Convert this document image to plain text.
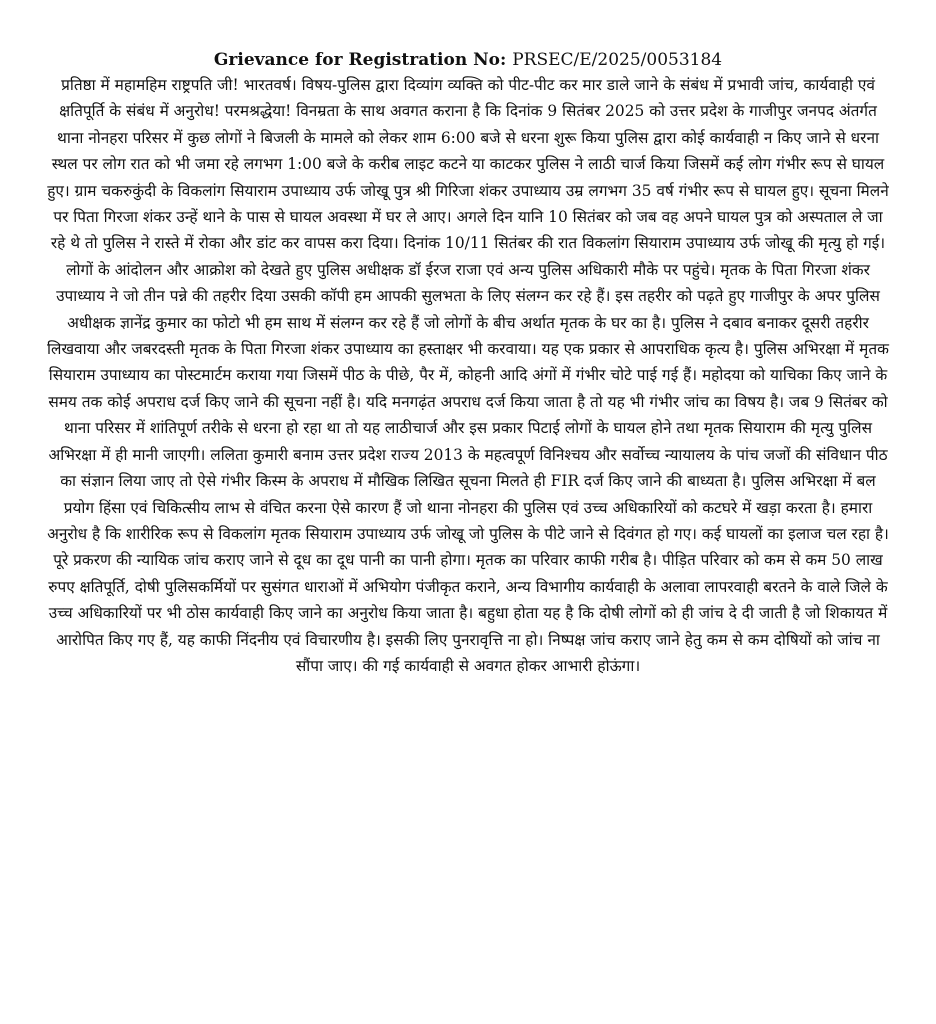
Grievance for Registration No: PRSEC/E/2025/0053184

प्रतिष्ठा में महामहिम राष्ट्रपति जी! भारतवर्ष। विषय-पुलिस द्वारा दिव्यांग व्यक्ति को पीट-पीट कर मार डाले जाने के संबंध में प्रभावी जांच, कार्यवाही एवं क्षतिपूर्ति के संबंध में अनुरोध! परमश्रद्धेया! विनम्रता के साथ अवगत कराना है कि दिनांक 9 सितंबर 2025 को उत्तर प्रदेश के गाजीपुर जनपद अंतर्गत थाना नोनहरा परिसर में कुछ लोगों ने बिजली के मामले को लेकर शाम 6:00 बजे से धरना शुरू किया पुलिस द्वारा कोई कार्यवाही न किए जाने से धरना स्थल पर लोग रात को भी जमा रहे लगभग 1:00 बजे के करीब लाइट कटने या काटकर पुलिस ने लाठी चार्ज किया जिसमें कई लोग गंभीर रूप से घायल हुए। ग्राम चकरुकुंदी के विकलांग सियाराम उपाध्याय उर्फ जोखू पुत्र श्री गिरिजा शंकर उपाध्याय उम्र लगभग 35 वर्ष गंभीर रूप से घायल हुए। सूचना मिलने पर पिता गिरजा शंकर उन्हें थाने के पास से घायल अवस्था में घर ले आए। अगले दिन यानि 10 सितंबर को जब वह अपने घायल पुत्र को अस्पताल ले जा रहे थे तो पुलिस ने रास्ते में रोका और डांट कर वापस करा दिया। दिनांक 10/11 सितंबर की रात विकलांग सियाराम उपाध्याय उर्फ जोखू की मृत्यु हो गई। लोगों के आंदोलन और आक्रोश को देखते हुए पुलिस अधीक्षक डॉ ईरज राजा एवं अन्य पुलिस अधिकारी मौके पर पहुंचे। मृतक के पिता गिरजा शंकर उपाध्याय ने जो तीन पन्ने की तहरीर दिया उसकी कॉपी हम आपकी सुलभता के लिए संलग्न कर रहे हैं। इस तहरीर को पढ़ते हुए गाजीपुर के अपर पुलिस अधीक्षक ज्ञानेंद्र कुमार का फोटो भी हम साथ में संलग्न कर रहे हैं जो लोगों के बीच अर्थात मृतक के घर का है। पुलिस ने दबाव बनाकर दूसरी तहरीर लिखवाया और जबरदस्ती मृतक के पिता गिरजा शंकर उपाध्याय का हस्ताक्षर भी करवाया। यह एक प्रकार से आपराधिक कृत्य है। पुलिस अभिरक्षा में मृतक सियाराम उपाध्याय का पोस्टमार्टम कराया गया जिसमें पीठ के पीछे, पैर में, कोहनी आदि अंगों में गंभीर चोटे पाई गई हैं। महोदया को याचिका किए जाने के समय तक कोई अपराध दर्ज किए जाने की सूचना नहीं है। यदि मनगढ़ंत अपराध दर्ज किया जाता है तो यह भी गंभीर जांच का विषय है। जब 9 सितंबर को थाना परिसर में शांतिपूर्ण तरीके से धरना हो रहा था तो यह लाठीचार्ज और इस प्रकार पिटाई लोगों के घायल होने तथा मृतक सियाराम की मृत्यु पुलिस अभिरक्षा में ही मानी जाएगी। ललिता कुमारी बनाम उत्तर प्रदेश राज्य 2013 के महत्वपूर्ण विनिश्चय और सर्वोच्च न्यायालय के पांच जजों की संविधान पीठ का संज्ञान लिया जाए तो ऐसे गंभीर किस्म के अपराध में मौखिक लिखित सूचना मिलते ही FIR दर्ज किए जाने की बाध्यता है। पुलिस अभिरक्षा में बल प्रयोग हिंसा एवं चिकित्सीय लाभ से वंचित करना ऐसे कारण हैं जो थाना नोनहरा की पुलिस एवं उच्च अधिकारियों को कटघरे में खड़ा करता है। हमारा अनुरोध है कि शारीरिक रूप से विकलांग मृतक सियाराम उपाध्याय उर्फ जोखू जो पुलिस के पीटे जाने से दिवंगत हो गए। कई घायलों का इलाज चल रहा है। पूरे प्रकरण की न्यायिक जांच कराए जाने से दूध का दूध पानी का पानी होगा। मृतक का परिवार काफी गरीब है। पीड़ित परिवार को कम से कम 50 लाख रुपए क्षतिपूर्ति, दोषी पुलिसकर्मियों पर सुसंगत धाराओं में अभियोग पंजीकृत कराने, अन्य विभागीय कार्यवाही के अलावा लापरवाही बरतने के वाले जिले के उच्च अधिकारियों पर भी ठोस कार्यवाही किए जाने का अनुरोध किया जाता है। बहुधा होता यह है कि दोषी लोगों को ही जांच दे दी जाती है जो शिकायत में आरोपित किए गए हैं, यह काफी निंदनीय एवं विचारणीय है। इसकी लिए पुनरावृत्ति ना हो। निष्पक्ष जांच कराए जाने हेतु कम से कम दोषियों को जांच ना सौंपा जाए। की गई कार्यवाही से अवगत होकर आभारी होऊंगा।
